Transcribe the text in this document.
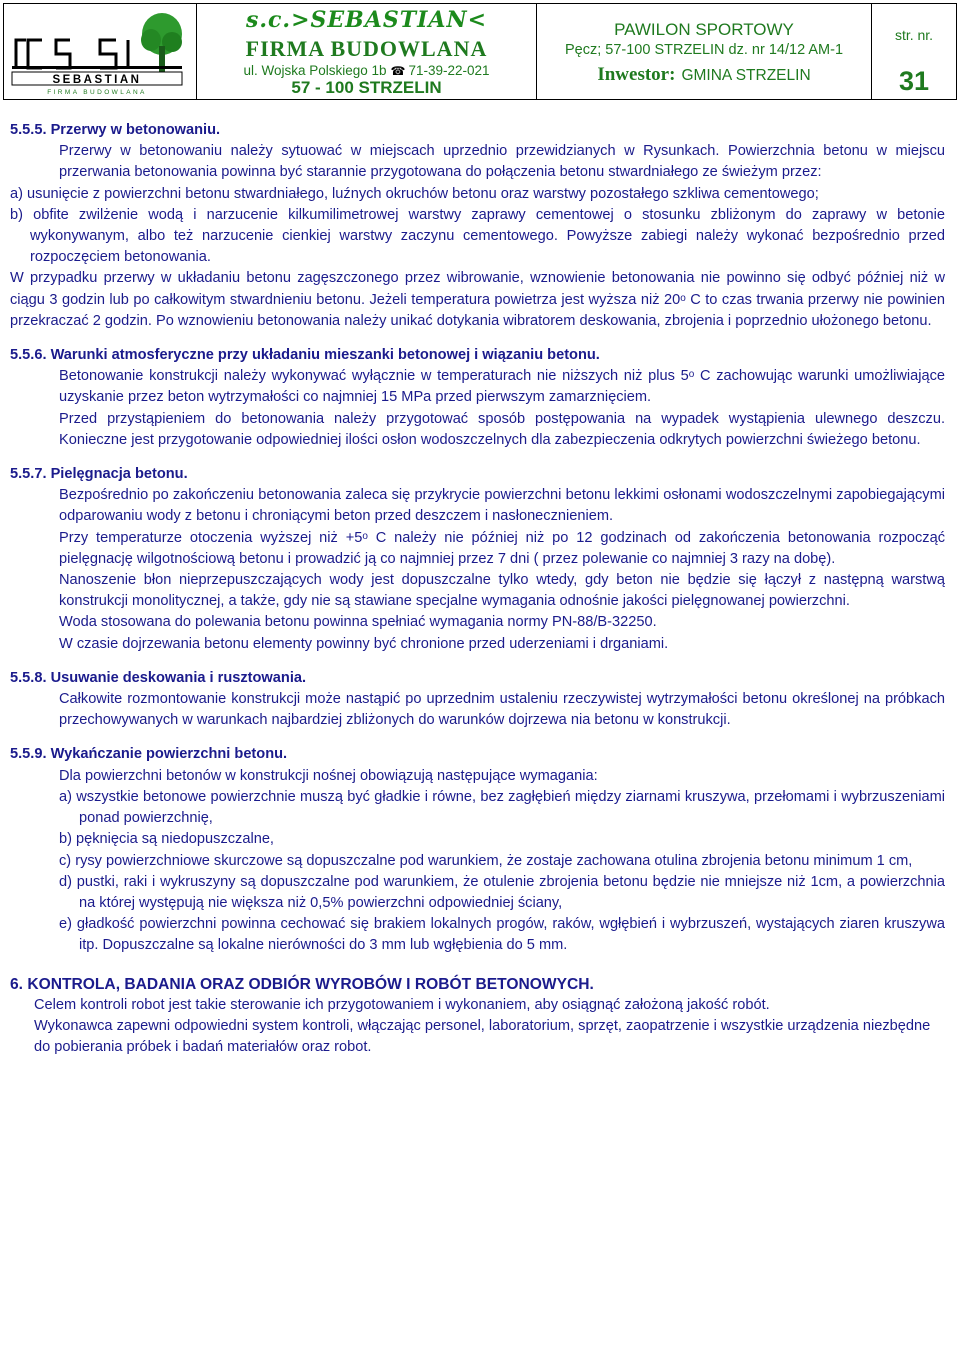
SEBASTIAN
FIRMA BUDOWLANA
s.c.>SEBASTIAN<
FIRMA BUDOWLANA
ul. Wojska Polskiego 1b ☎ 71-39-22-021
57 - 100 STRZELIN
PAWILON SPORTOWY
Pęcz; 57-100 STRZELIN dz. nr 14/12 AM-1
Inwestor: GMINA STRZELIN
str. nr.
31
5.5.5. Przerwy w betonowaniu.

Przerwy w betonowaniu należy sytuować w miejscach uprzednio przewidzianych w Rysunkach. Powierzchnia betonu w miejscu przerwania betonowania powinna być starannie przygotowana do połączenia betonu stwardniałego ze świeżym przez:

a) usunięcie z powierzchni betonu stwardniałego, luźnych okruchów betonu oraz warstwy pozostałego szkliwa cementowego;

b) obfite zwilżenie wodą i narzucenie kilkumilimetrowej warstwy zaprawy cementowej o stosunku zbliżonym do zaprawy w betonie wykonywanym, albo też narzucenie cienkiej warstwy zaczynu cementowego. Powyższe zabiegi należy wykonać bezpośrednio przed rozpoczęciem betonowania.

W przypadku przerwy w układaniu betonu zagęszczonego przez wibrowanie, wznowienie betonowania nie powinno się odbyć później niż w ciągu 3 godzin lub po całkowitym stwardnieniu betonu. Jeżeli temperatura powietrza jest wyższa niż 20$^o$ C to czas trwania przerwy nie powinien przekraczać 2 godzin. Po wznowieniu betonowania należy unikać dotykania wibratorem deskowania, zbrojenia i poprzednio ułożonego betonu.

5.5.6. Warunki atmosferyczne przy układaniu mieszanki betonowej i wiązaniu betonu.

Betonowanie konstrukcji należy wykonywać wyłącznie w temperaturach nie niższych niż plus 5$^o$ C zachowując warunki umożliwiające uzyskanie przez beton wytrzymałości co najmniej 15 MPa przed pierwszym zamarznięciem.

Przed przystąpieniem do betonowania należy przygotować sposób postępowania na wypadek wystąpienia ulewnego deszczu. Konieczne jest przygotowanie odpowiedniej ilości osłon wodoszczelnych dla zabezpieczenia odkrytych powierzchni świeżego betonu.

5.5.7. Pielęgnacja betonu.

Bezpośrednio po zakończeniu betonowania zaleca się przykrycie powierzchni betonu lekkimi osłonami wodoszczelnymi zapobiegającymi odparowaniu wody z betonu i chroniącymi beton przed deszczem i nasłonecznieniem.

Przy temperaturze otoczenia wyższej niż $+5^o$ C należy nie później niż po 12 godzinach od zakończenia betonowania rozpocząć pielęgnację wilgotnościową betonu i prowadzić ją co najmniej przez 7 dni ( przez polewanie co najmniej 3 razy na dobę).

Nanoszenie błon nieprzepuszczających wody jest dopuszczalne tylko wtedy, gdy beton nie będzie się łączył z następną warstwą konstrukcji monolitycznej, a także, gdy nie są stawiane specjalne wymagania odnośnie jakości pielęgnowanej powierzchni.

Woda stosowana do polewania betonu powinna spełniać wymagania normy PN-88/B-32250.

W czasie dojrzewania betonu elementy powinny być chronione przed uderzeniami i drganiami.

5.5.8. Usuwanie deskowania i rusztowania.

Całkowite rozmontowanie konstrukcji może nastąpić po uprzednim ustaleniu rzeczywistej wytrzymałości betonu określonej na próbkach przechowywanych w warunkach najbardziej zbliżonych do warunków dojrzewa nia betonu w konstrukcji.

5.5.9. Wykańczanie powierzchni betonu.

Dla powierzchni betonów w konstrukcji nośnej obowiązują następujące wymagania:

a) wszystkie betonowe powierzchnie muszą być gładkie i równe, bez zagłębień między ziarnami kruszywa, przełomami i wybrzuszeniami ponad powierzchnię,

b) pęknięcia są niedopuszczalne,

c) rysy powierzchniowe skurczowe są dopuszczalne pod warunkiem, że zostaje zachowana otulina zbrojenia betonu minimum 1 cm,

d) pustki, raki i wykruszyny są dopuszczalne pod warunkiem, że otulenie zbrojenia betonu będzie nie mniejsze niż 1cm, a powierzchnia na której występują nie większa niż 0,5% powierzchni odpowiedniej ściany,

e) gładkość powierzchni powinna cechować się brakiem lokalnych progów, raków, wgłębień i wybrzuszeń, wystających ziaren kruszywa itp. Dopuszczalne są lokalne nierówności do 3 mm lub wgłębienia do 5 mm.

6. KONTROLA, BADANIA ORAZ ODBIÓR WYROBÓW I ROBÓT BETONOWYCH.

Celem kontroli robot jest takie sterowanie ich przygotowaniem i wykonaniem, aby osiągnąć założoną jakość robót.

Wykonawca zapewni odpowiedni system kontroli, włączając personel, laboratorium, sprzęt, zaopatrzenie i wszystkie urządzenia niezbędne do pobierania próbek i badań materiałów oraz robot.
